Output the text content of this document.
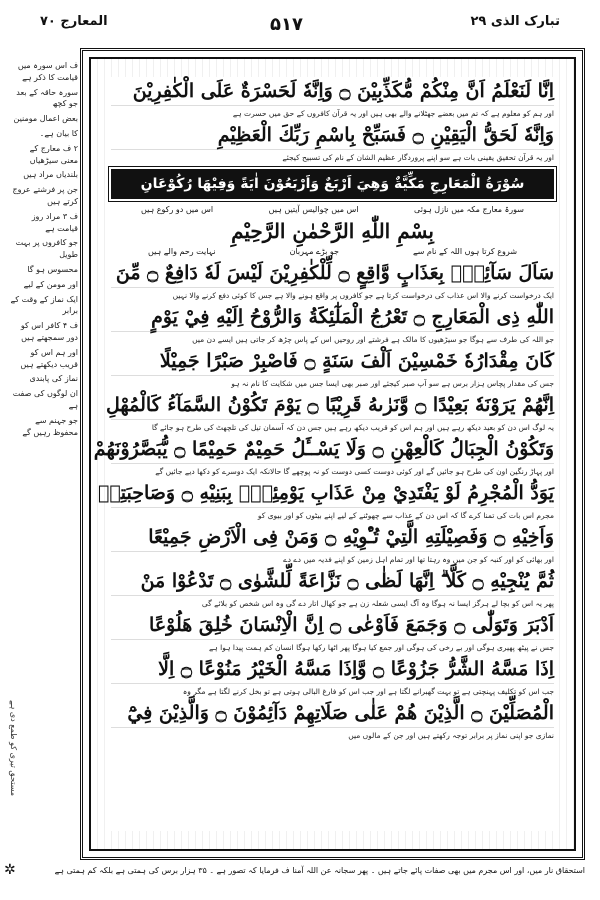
المعارج ۷۰	۵۱۷	تبارک الذی ۲۹

ف اس سورہ میں قیامت کا ذکر ہے

سورہ حاقہ کے بعد جو کچھ

بعض اعمال مومنین

کا بیان ہے۔

۲ ف معارج کے معنی سیڑھیاں

بلندیاں مراد ہیں

جن پر فرشتے عروج کرتے ہیں

ف ۳ مراد روز قیامت ہے

جو کافروں پر بہت طویل

محسوس ہو گا

اور مومن کے لیے

ایک نماز کے وقت کے برابر

ف ۴ کافر اس کو دور سمجھتے ہیں

اور ہم اس کو قریب دیکھتے ہیں

نماز کی پابندی

ان لوگوں کی صفت ہے

جو جہنم سے محفوظ رہیں گے

مستحق تیری کو طمع دی ہے
اِنَّا لَنَعْلَمُ اَنَّ مِنْكُمْ مُّكَذِّبِيْنَ ۝ وَاِنَّهٗ لَحَسْرَةٌ عَلَى الْكٰفِرِيْنَ
اور ہم کو معلوم ہے کہ تم میں بعضے جھٹلانے والے بھی ہیں اور یہ قرآن کافروں کے حق میں حسرت ہے
وَاِنَّهٗ لَحَقُّ الْيَقِيْنِ ۝ فَسَبِّحْ بِاسْمِ رَبِّكَ الْعَظِيْمِ
اور یہ قرآن تحقیق یقینی بات ہے سو اپنے پروردگار عظیم الشان کے نام کی تسبیح کیجئے
سُوْرَةُ الْمَعَارِجِ مَكِّيَّةٌ وَهِيَ اَرْبَعٌ وَاَرْبَعُوْنَ اٰيَةً وَفِيْهَا رُكُوْعَانِ
سورۃ معارج مکہ میں نازل ہوئی
اس میں چوالیس آیتیں ہیں
اس میں دو رکوع ہیں
بِسْمِ اللّٰهِ الرَّحْمٰنِ الرَّحِيْمِ
شروع کرتا ہوں اللہ کے نام سے
جو بڑے مہربان
نہایت رحم والے ہیں
سَاَلَ سَآئِلٌۢ بِعَذَابٍ وَّاقِعٍ ۝ لِّلْكٰفِرِيْنَ لَيْسَ لَهٗ دَافِعٌ ۝ مِّنَ
ایک درخواست کرنے والا اس عذاب کی درخواست کرتا ہے جو کافروں پر واقع ہونے والا ہے جس کا کوئی دفع کرنے والا نہیں
اللّٰهِ ذِى الْمَعَارِجِ ۝ تَعْرُجُ الْمَلٰٓئِكَةُ وَالرُّوْحُ اِلَيْهِ فِيْ يَوْمٍ
جو اللہ کی طرف سے ہوگا جو سیڑھیوں کا مالک ہے فرشتے اور روحیں اس کے پاس چڑھ کر جاتی ہیں ایسے دن میں
كَانَ مِقْدَارُهٗ خَمْسِيْنَ اَلْفَ سَنَةٍ ۝ فَاصْبِرْ صَبْرًا جَمِيْلًا
جس کی مقدار پچاس ہزار برس ہے سو آپ صبر کیجئے اور صبر بھی ایسا جس میں شکایت کا نام نہ ہو
اِنَّهُمْ يَرَوْنَهٗ بَعِيْدًا ۝ وَّنَرٰىهُ قَرِيْبًا ۝ يَوْمَ تَكُوْنُ السَّمَآءُ كَالْمُهْلِ
یہ لوگ اس دن کو بعید دیکھ رہے ہیں اور ہم اس کو قریب دیکھ رہے ہیں جس دن کہ آسمان تیل کی تلچھٹ کی طرح ہو جائے گا
وَتَكُوْنُ الْجِبَالُ كَالْعِهْنِ ۝ وَلَا يَسْــَٔلُ حَمِيْمٌ حَمِيْمًا ۝ يُّبَصَّرُوْنَهُمْ
اور پہاڑ رنگین اون کی طرح ہو جائیں گے اور کوئی دوست کسی دوست کو نہ پوچھے گا حالانکہ ایک دوسرے کو دکھا دیے جائیں گے
يَوَدُّ الْمُجْرِمُ لَوْ يَفْتَدِيْ مِنْ عَذَابِ يَوْمِئِذٍۢ بِبَنِيْهِ ۝ وَصَاحِبَتِهٖ
مجرم اس بات کی تمنا کرے گا کہ اس دن کے عذاب سے چھوٹنے کے لیے اپنے بیٹوں کو اور بیوی کو
وَاَخِيْهِ ۝ وَفَصِيْلَتِهِ الَّتِيْ تُـْٔوِيْهِ ۝ وَمَنْ فِى الْاَرْضِ جَمِيْعًا
اور بھائی کو اور کنبہ کو جن میں وہ رہتا تھا اور تمام اہل زمین کو اپنے فدیہ میں دے دے
ثُمَّ يُنْجِيْهِ ۝ كَلَّا ۗ اِنَّهَا لَظٰى ۝ نَزَّاعَةً لِّلشَّوٰى ۝ تَدْعُوْا مَنْ
پھر یہ اس کو بچا لے ہرگز ایسا نہ ہوگا وہ آگ ایسی شعلہ زن ہے جو کھال اتار دے گی وہ اس شخص کو بلائے گی
اَدْبَرَ وَتَوَلّٰى ۝ وَجَمَعَ فَاَوْعٰى ۝ اِنَّ الْاِنْسَانَ خُلِقَ هَلُوْعًا
جس نے پیٹھ پھیری ہوگی اور بے رخی کی ہوگی اور جمع کیا ہوگا پھر اٹھا رکھا ہوگا انسان کم ہمت پیدا ہوا ہے
اِذَا مَسَّهُ الشَّرُّ جَزُوْعًا ۝ وَّاِذَا مَسَّهُ الْخَيْرُ مَنُوْعًا ۝ اِلَّا
جب اس کو تکلیف پہنچتی ہے تو بہت گھبرانے لگتا ہے اور جب اس کو فارغ البالی ہوتی ہے تو بخل کرنے لگتا ہے مگر وہ
الْمُصَلِّيْنَ ۝ الَّذِيْنَ هُمْ عَلٰى صَلَاتِهِمْ دَآئِمُوْنَ ۝ وَالَّذِيْنَ فِيْٓ
نمازی جو اپنی نماز پر برابر توجہ رکھتے ہیں اور جن کے مالوں میں
استحقاق نار میں، اور اس مجرم میں بھی صفات پائے جاتے ہیں ۔ پھر سجانہ عن اللہ آمنا ف فرمایا کہ تصور ہے ۔ ۳۵ ہزار برس کی ہمتی ہے بلکہ کم ہمتی ہے
✲
